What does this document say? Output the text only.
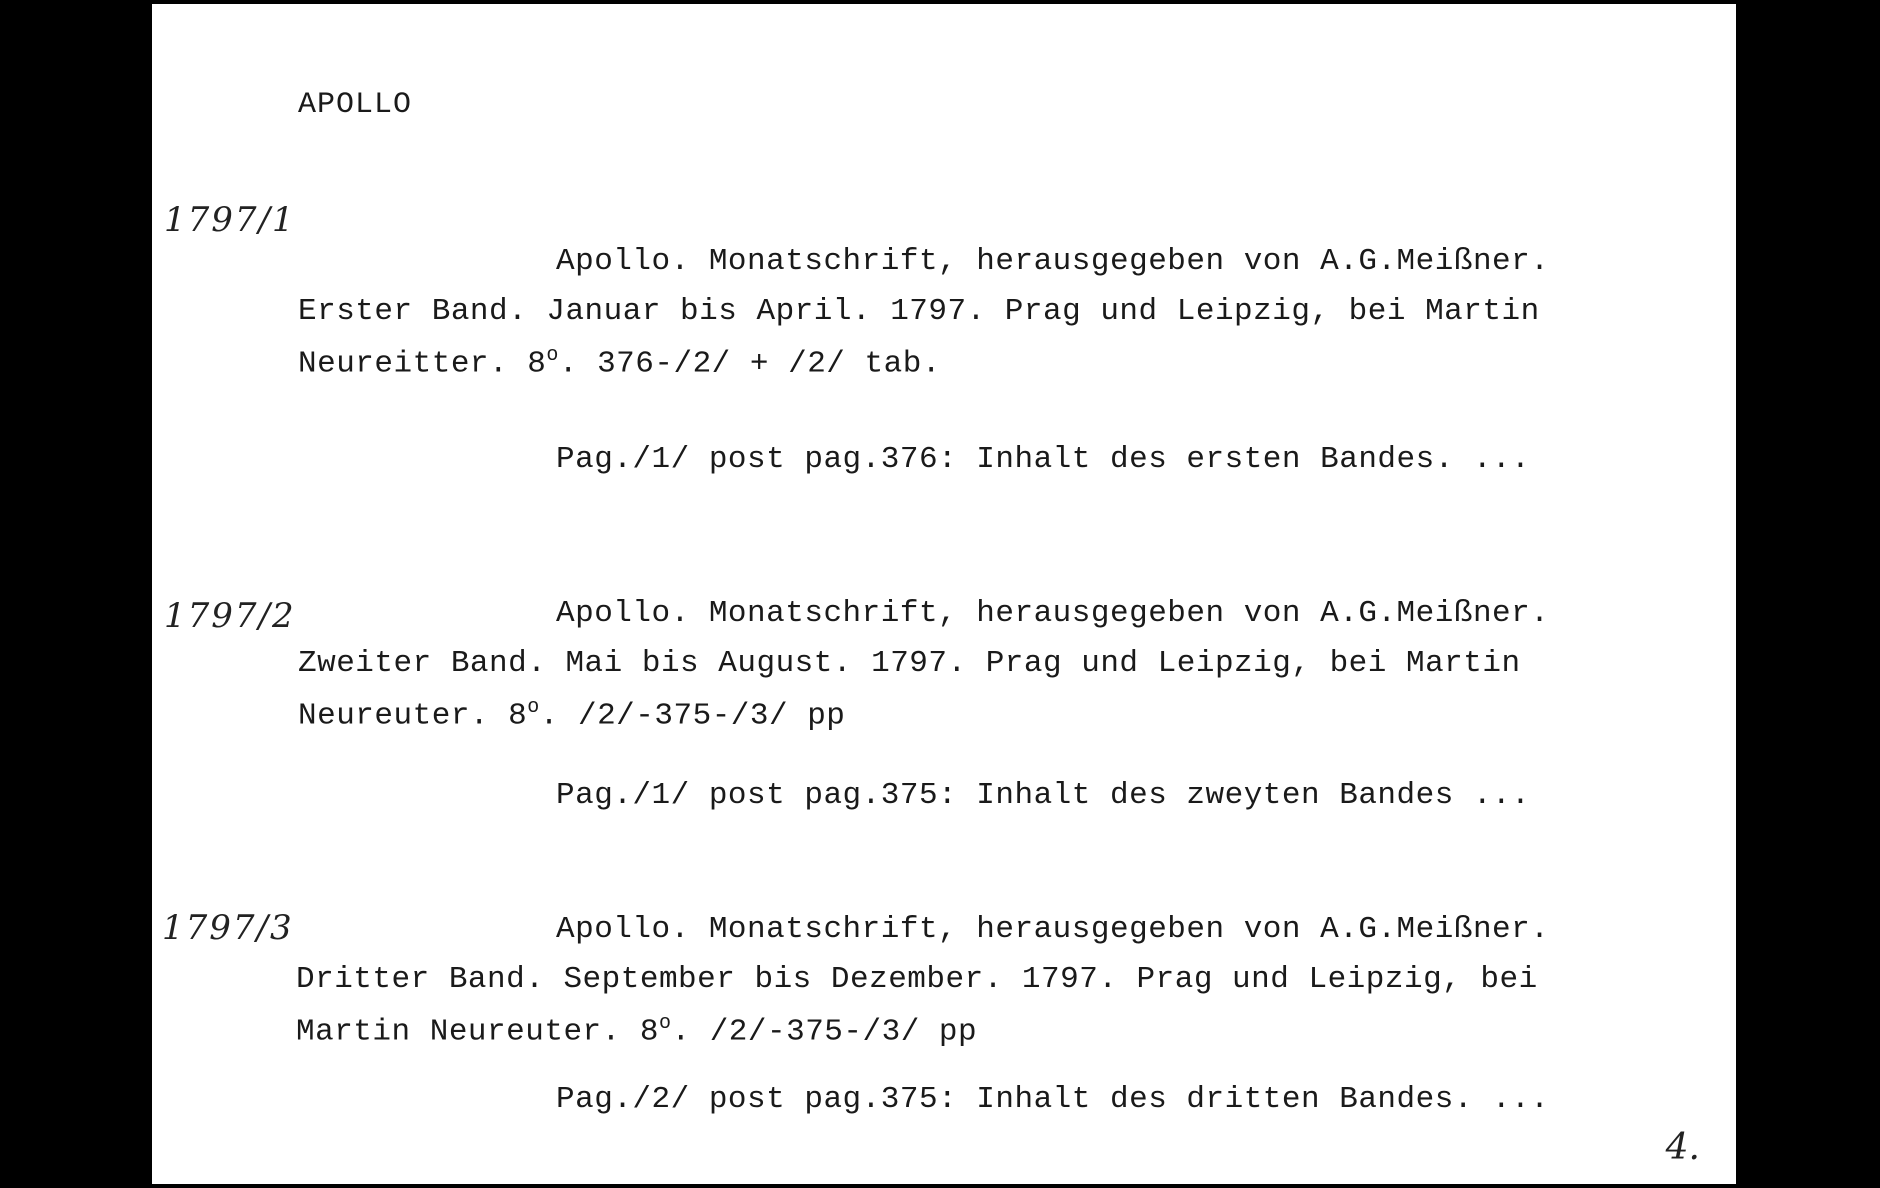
APOLLO
1797/1
Apollo. Monatschrift, herausgegeben von A.G.Meißner.
Erster Band. Januar bis April. 1797. Prag und Leipzig, bei Martin
Neureitter. 8$^o$. 376-/2/ + /2/ tab.
Pag./1/ post pag.376: Inhalt des ersten Bandes. ...
1797/2	Apollo. Monatschrift, herausgegeben von A.G.Meißner.
Zweiter Band. Mai bis August. 1797. Prag und Leipzig, bei Martin
Neureuter. 8$^o$. /2/-375-/3/ pp
Pag./1/ post pag.375: Inhalt des zweyten Bandes ...
1797/3	Apollo. Monatschrift, herausgegeben von A.G.Meißner.
Dritter Band. September bis Dezember. 1797. Prag und Leipzig, bei
Martin Neureuter. 8$^o$. /2/-375-/3/ pp
Pag./2/ post pag.375: Inhalt des dritten Bandes. ...
4.
